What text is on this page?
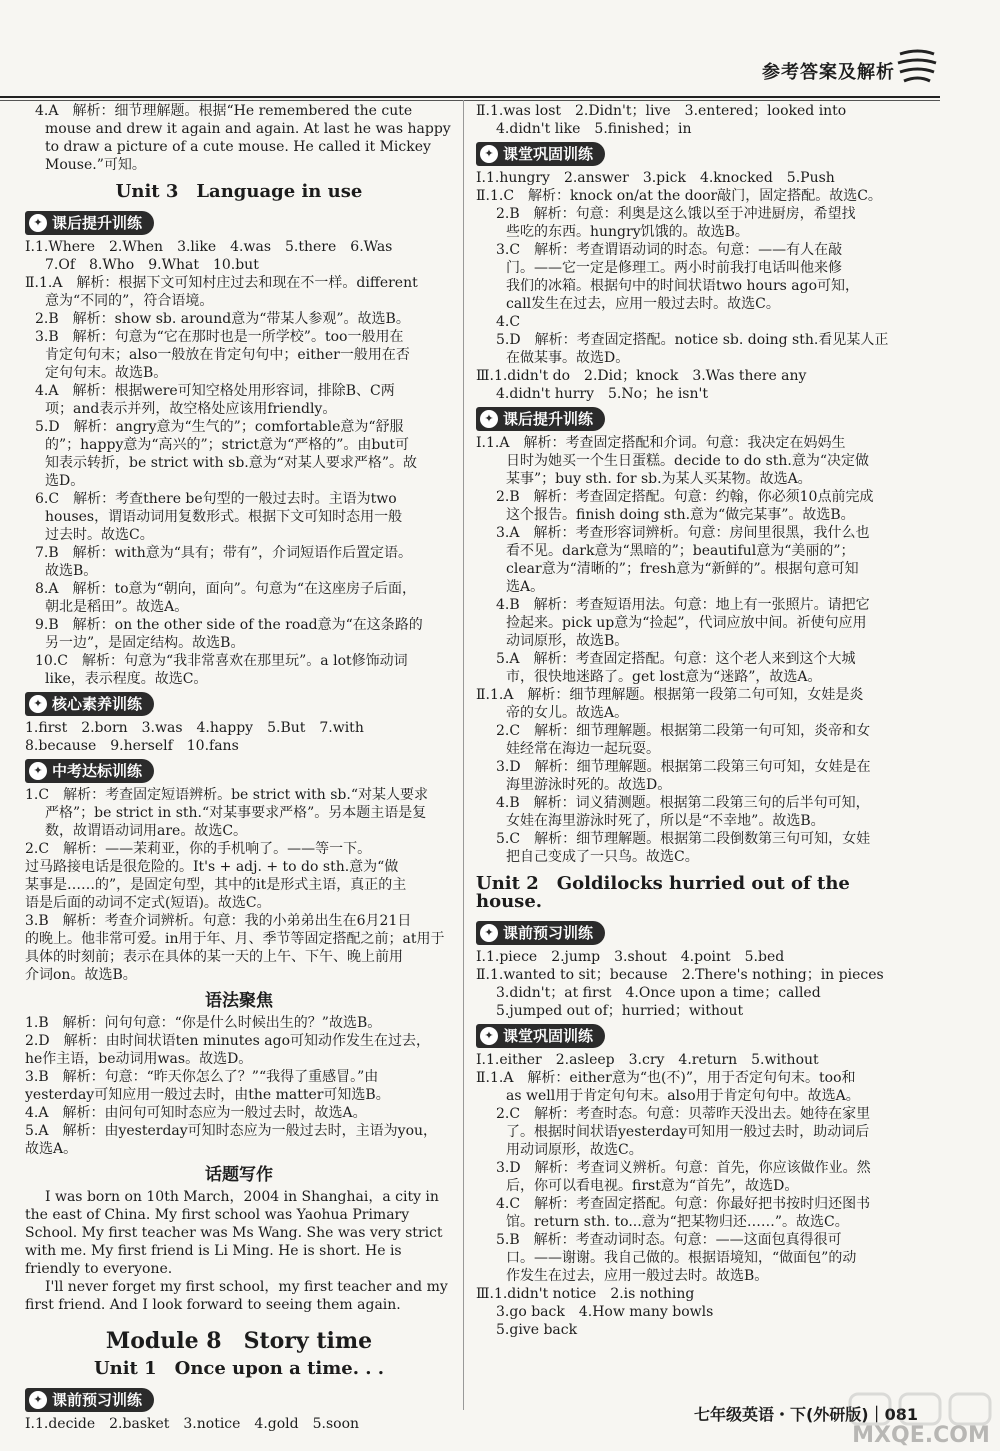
参考答案及解析
4.A　解析：细节理解题。根据“He remembered the cute
mouse and drew it again and again. At last he was happy
to draw a picture of a cute mouse. He called it Mickey
Mouse.”可知。
Unit 3　Language in use
✦ 课后提升训练
Ⅰ.1.Where　2.When　3.like　4.was　5.there　6.Was
7.Of　8.Who　9.What　10.but
Ⅱ.1.A　解析：根据下文可知村庄过去和现在不一样。different
意为“不同的”，符合语境。
2.B　解析：show sb. around意为“带某人参观”。故选B。
3.B　解析：句意为“它在那时也是一所学校”。too一般用在
肯定句句末；also一般放在肯定句句中；either一般用在否
定句句末。故选B。
4.A　解析：根据were可知空格处用形容词，排除B、C两
项；and表示并列，故空格处应该用friendly。
5.D　解析：angry意为“生气的”；comfortable意为“舒服
的”；happy意为“高兴的”；strict意为“严格的”。由but可
知表示转折，be strict with sb.意为“对某人要求严格”。故
选D。
6.C　解析：考查there be句型的一般过去时。主语为two
houses，谓语动词用复数形式。根据下文可知时态用一般
过去时。故选C。
7.B　解析：with意为“具有；带有”，介词短语作后置定语。
故选B。
8.A　解析：to意为“朝向，面向”。句意为“在这座房子后面，
朝北是稻田”。故选A。
9.B　解析：on the other side of the road意为“在这条路的
另一边”，是固定结构。故选B。
10.C　解析：句意为“我非常喜欢在那里玩”。a lot修饰动词
like，表示程度。故选C。
✦ 核心素养训练
1.first　2.born　3.was　4.happy　5.But　7.with
8.because　9.herself　10.fans
✦ 中考达标训练
1.C　解析：考查固定短语辨析。be strict with sb.“对某人要求
严格”；be strict in sth.“对某事要求严格”。另本题主语是复
数，故谓语动词用are。故选C。
2.C　解析：——茉莉亚，你的手机响了。——等一下。
过马路接电话是很危险的。It's + adj. + to do sth.意为“做
某事是……的”，是固定句型，其中的it是形式主语，真正的主
语是后面的动词不定式(短语)。故选C。
3.B　解析：考查介词辨析。句意：我的小弟弟出生在6月21日
的晚上。他非常可爱。in用于年、月、季节等固定搭配之前；at用于
具体的时刻前；表示在具体的某一天的上午、下午、晚上前用
介词on。故选B。
语法聚焦
1.B　解析：问句句意：“你是什么时候出生的？”故选B。
2.D　解析：由时间状语ten minutes ago可知动作发生在过去，
he作主语，be动词用was。故选D。
3.B　解析：句意：“昨天你怎么了？”“我得了重感冒。”由
yesterday可知应用一般过去时，由the matter可知选B。
4.A　解析：由问句可知时态应为一般过去时，故选A。
5.A　解析：由yesterday可知时态应为一般过去时，主语为you，
故选A。
话题写作
I was born on 10th March，2004 in Shanghai，a city in the east of China. My first school was Yaohua Primary School. My first teacher was Ms Wang. She was very strict with me. My first friend is Li Ming. He is short. He is friendly to everyone.
I'll never forget my first school，my first teacher and my first friend. And I look forward to seeing them again.
Module 8　Story time
Unit 1　Once upon a time. . .
✦ 课前预习训练
Ⅰ.1.decide　2.basket　3.notice　4.gold　5.soon
Ⅱ.1.was lost　2.Didn't；live　3.entered；looked into
4.didn't like　5.finished；in
✦ 课堂巩固训练
Ⅰ.1.hungry　2.answer　3.pick　4.knocked　5.Push
Ⅱ.1.C　解析：knock on/at the door敲门，固定搭配。故选C。
2.B　解析：句意：利奥是这么饿以至于冲进厨房，希望找
些吃的东西。hungry饥饿的。故选B。
3.C　解析：考查谓语动词的时态。句意：——有人在敲
门。——它一定是修理工。两小时前我打电话叫他来修
我们的冰箱。根据句中的时间状语two hours ago可知，
call发生在过去，应用一般过去时。故选C。
4.C
5.D　解析：考查固定搭配。notice sb. doing sth.看见某人正
在做某事。故选D。
Ⅲ.1.didn't do　2.Did；knock　3.Was there any
4.didn't hurry　5.No；he isn't
✦ 课后提升训练
Ⅰ.1.A　解析：考查固定搭配和介词。句意：我决定在妈妈生
日时为她买一个生日蛋糕。decide to do sth.意为“决定做
某事”；buy sth. for sb.为某人买某物。故选A。
2.B　解析：考查固定搭配。句意：约翰，你必须10点前完成
这个报告。finish doing sth.意为“做完某事”。故选B。
3.A　解析：考查形容词辨析。句意：房间里很黑，我什么也
看不见。dark意为“黑暗的”；beautiful意为“美丽的”；
clear意为“清晰的”；fresh意为“新鲜的”。根据句意可知
选A。
4.B　解析：考查短语用法。句意：地上有一张照片。请把它
捡起来。pick up意为“捡起”，代词应放中间。祈使句应用
动词原形，故选B。
5.A　解析：考查固定搭配。句意：这个老人来到这个大城
市，很快地迷路了。get lost意为“迷路”，故选A。
Ⅱ.1.A　解析：细节理解题。根据第一段第二句可知，女娃是炎
帝的女儿。故选A。
2.C　解析：细节理解题。根据第二段第一句可知，炎帝和女
娃经常在海边一起玩耍。
3.D　解析：细节理解题。根据第二段第三句可知，女娃是在
海里游泳时死的。故选D。
4.B　解析：词义猜测题。根据第二段第三句的后半句可知，
女娃在海里游泳时死了，所以是“不幸地”。故选B。
5.C　解析：细节理解题。根据第二段倒数第三句可知，女娃
把自己变成了一只鸟。故选C。
Unit 2　Goldilocks hurried out of the house.
✦ 课前预习训练
Ⅰ.1.piece　2.jump　3.shout　4.point　5.bed
Ⅱ.1.wanted to sit；because　2.There's nothing；in pieces
3.didn't；at first　4.Once upon a time；called
5.jumped out of；hurried；without
✦ 课堂巩固训练
Ⅰ.1.either　2.asleep　3.cry　4.return　5.without
Ⅱ.1.A　解析：either意为“也(不)”，用于否定句句末。too和
as well用于肯定句句末。also用于肯定句句中。故选A。
2.C　解析：考查时态。句意：贝蒂昨天没出去。她待在家里
了。根据时间状语yesterday可知用一般过去时，助动词后
用动词原形，故选C。
3.D　解析：考查词义辨析。句意：首先，你应该做作业。然
后，你可以看电视。first意为“首先”，故选D。
4.C　解析：考查固定搭配。句意：你最好把书按时归还图书
馆。return sth. to...意为“把某物归还……”。故选C。
5.B　解析：考查动词时态。句意：——这面包真得很可
口。——谢谢。我自己做的。根据语境知，“做面包”的动
作发生在过去，应用一般过去时。故选B。
Ⅲ.1.didn't notice　2.is nothing
3.go back　4.How many bowls
5.give back
七年级英语・下(外研版)｜081
MXQE.COM
